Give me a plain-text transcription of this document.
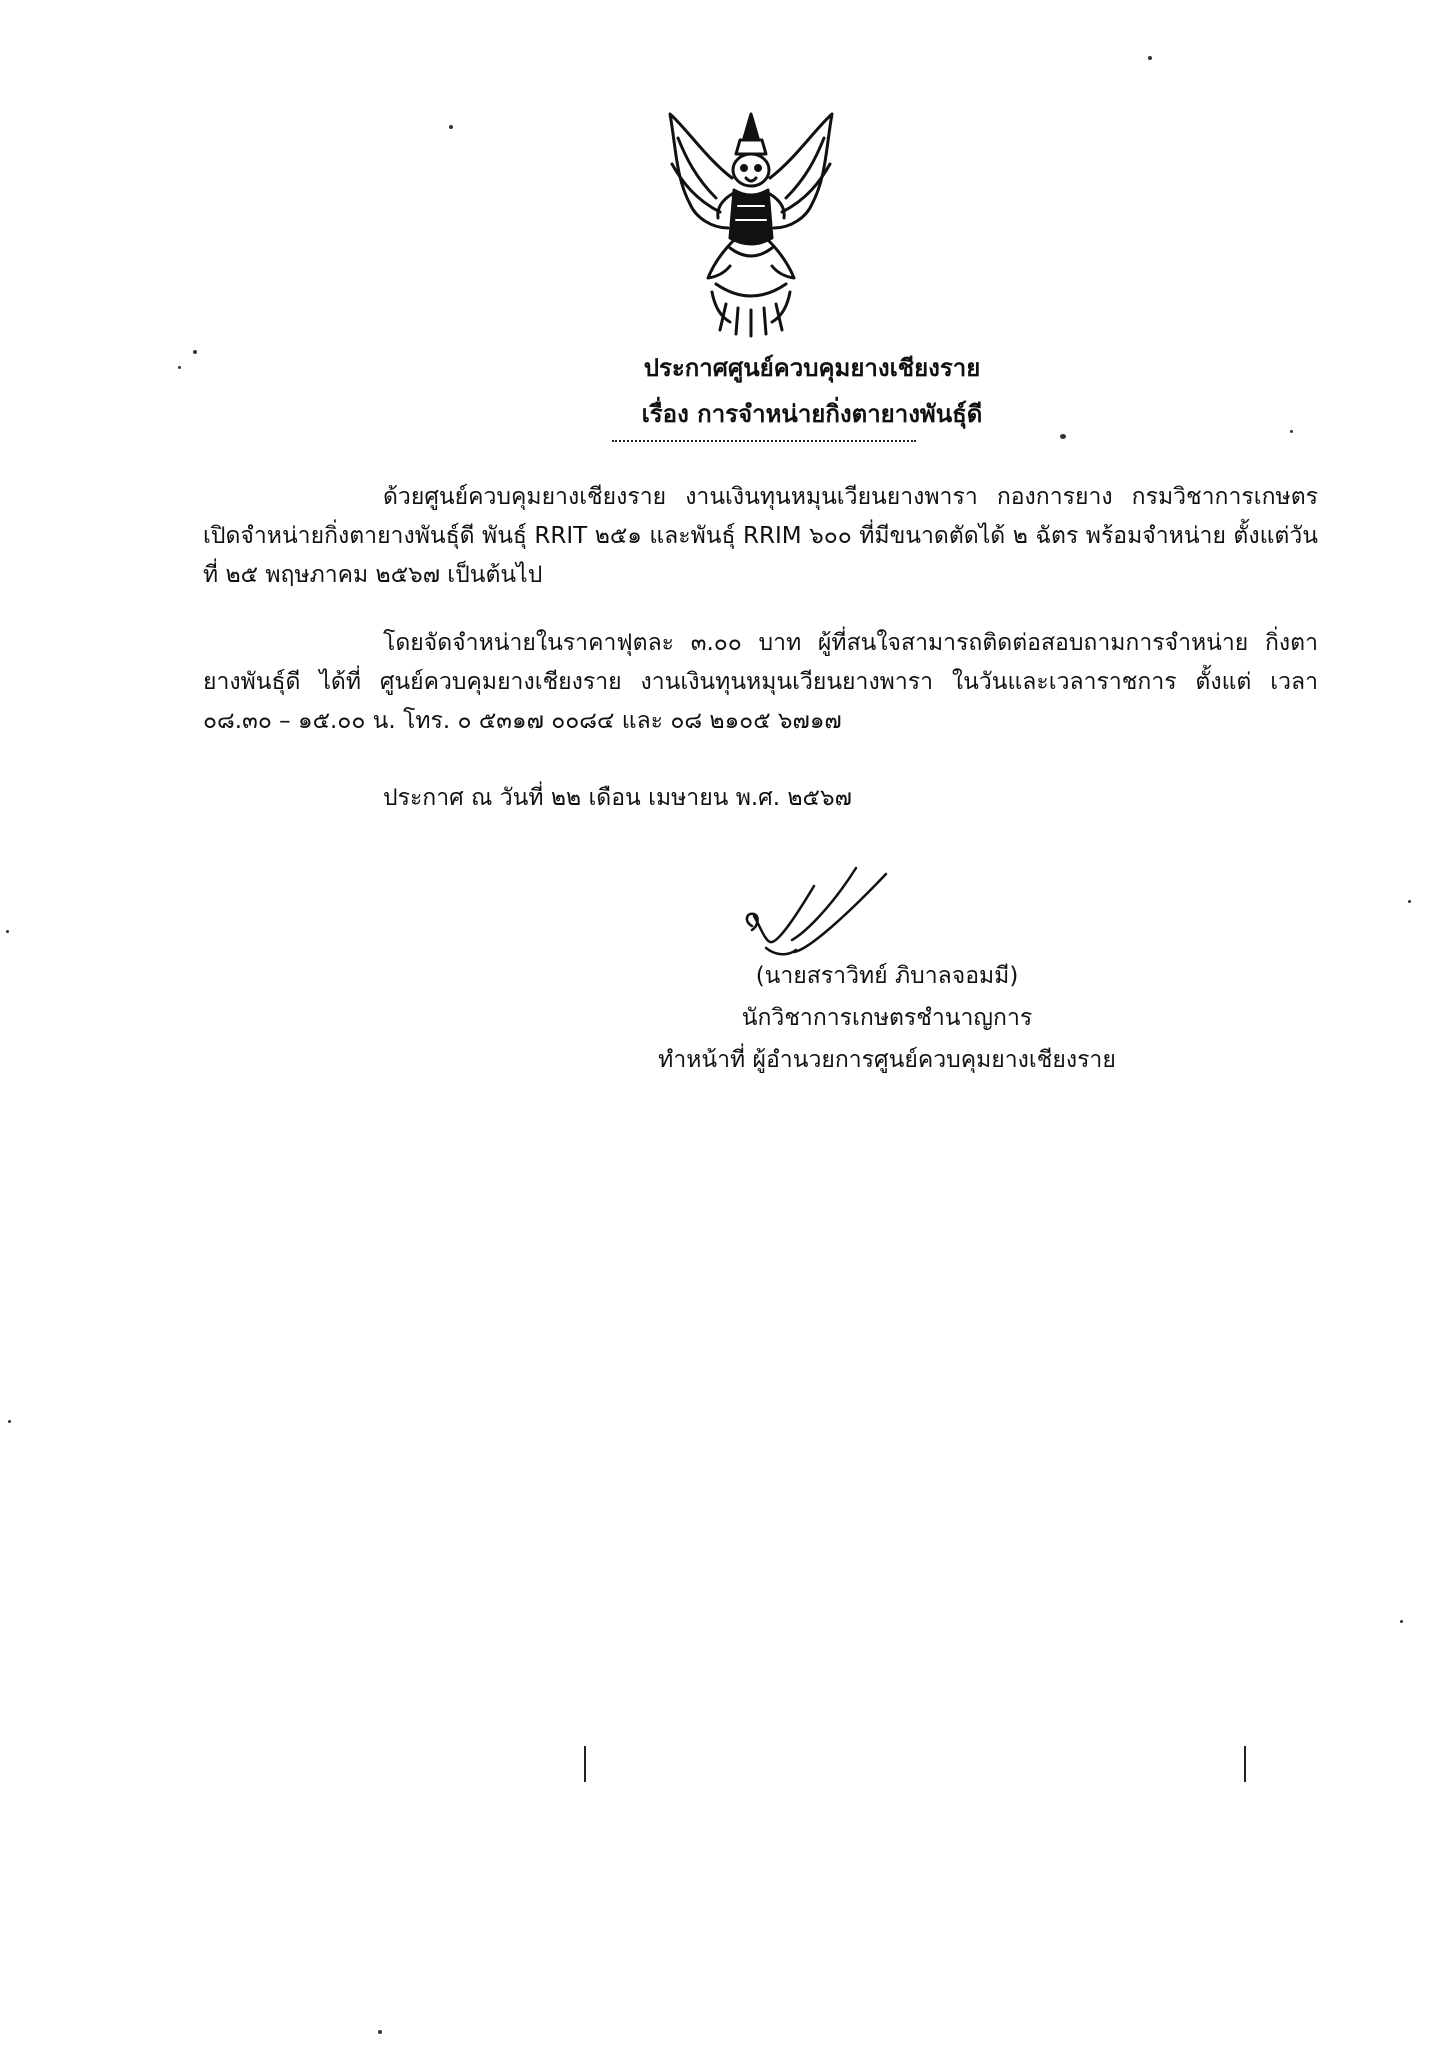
ประกาศศูนย์ควบคุมยางเชียงราย
เรื่อง การจำหน่ายกิ่งตายางพันธุ์ดี
ด้วยศูนย์ควบคุมยางเชียงราย งานเงินทุนหมุนเวียนยางพารา กองการยาง กรมวิชาการเกษตร เปิดจำหน่ายกิ่งตายางพันธุ์ดี พันธุ์ RRIT ๒๕๑ และพันธุ์ RRIM ๖๐๐ ที่มีขนาดตัดได้ ๒ ฉัตร พร้อมจำหน่าย ตั้งแต่วันที่ ๒๕ พฤษภาคม ๒๕๖๗ เป็นต้นไป
โดยจัดจำหน่ายในราคาฟุตละ ๓.๐๐ บาท ผู้ที่สนใจสามารถติดต่อสอบถามการจำหน่าย กิ่งตายางพันธุ์ดี ได้ที่ ศูนย์ควบคุมยางเชียงราย งานเงินทุนหมุนเวียนยางพารา ในวันและเวลาราชการ ตั้งแต่ เวลา ๐๘.๓๐ – ๑๕.๐๐ น. โทร. ๐ ๕๓๑๗ ๐๐๘๔ และ ๐๘ ๒๑๐๕ ๖๗๑๗
ประกาศ ณ วันที่ ๒๒ เดือน เมษายน พ.ศ. ๒๕๖๗
(นายสราวิทย์ ภิบาลจอมมี)
นักวิชาการเกษตรชำนาญการ
ทำหน้าที่ ผู้อำนวยการศูนย์ควบคุมยางเชียงราย
